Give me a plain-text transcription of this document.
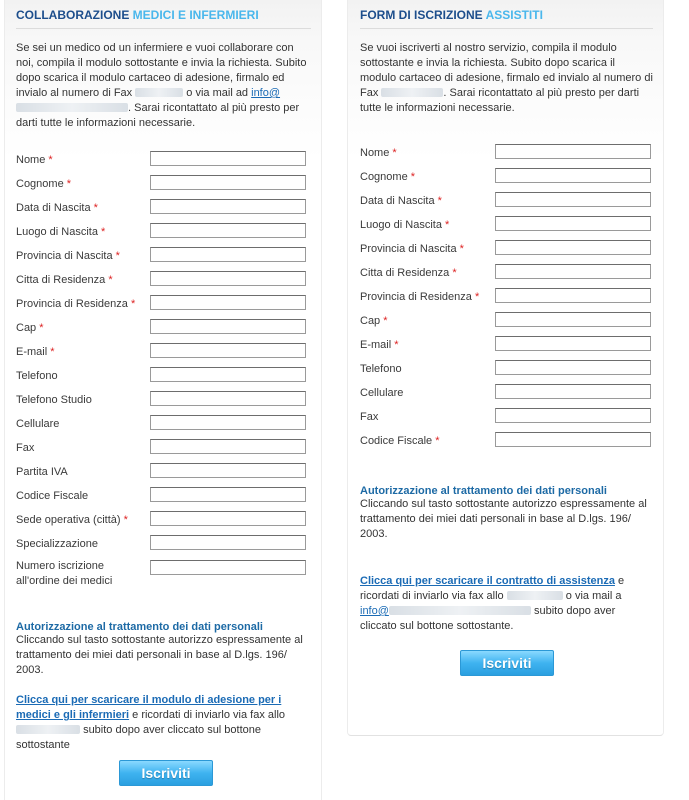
COLLABORAZIONE MEDICI E INFERMIERI

Se sei un medico od un infermiere e vuoi collaborare con noi, compila il modulo sottostante e invia la richiesta. Subito dopo scarica il modulo cartaceo di adesione, firmalo ed invialo al numero di Fax	o via mail ad info@. Sarai ricontattato al più presto per darti tutte le informazioni necessarie.

Nome *
Cognome *
Data di Nascita *
Luogo di Nascita *
Provincia di Nascita *
Citta di Residenza *
Provincia di Residenza *
Cap *
E-mail *
Telefono
Telefono Studio
Cellulare
Fax
Partita IVA
Codice Fiscale
Sede operativa (città) *
Specializzazione
Numero iscrizione
all'ordine dei medici

Autorizzazione al trattamento dei dati personali

Cliccando sul tasto sottostante autorizzo espressamente al trattamento dei miei dati personali in base al D.lgs. 196/ 2003.

Clicca qui per scaricare il modulo di adesione per i medici e gli infermieri e ricordati di inviarlo via fax allo  subito dopo aver cliccato sul bottone sottostante
Iscriviti
FORM DI ISCRIZIONE ASSISTITI

Se vuoi iscriverti al nostro servizio, compila il modulo sottostante e invia la richiesta. Subito dopo scarica il modulo cartaceo di adesione, firmalo ed invialo al numero di Fax	. Sarai ricontattato al più presto per darti tutte le informazioni necessarie.

Nome *
Cognome *
Data di Nascita *
Luogo di Nascita *
Provincia di Nascita *
Citta di Residenza *
Provincia di Residenza *
Cap *
E-mail *
Telefono
Cellulare
Fax
Codice Fiscale *

Autorizzazione al trattamento dei dati personali

Cliccando sul tasto sottostante autorizzo espressamente al trattamento dei miei dati personali in base al D.lgs. 196/ 2003.

Clicca qui per scaricare il contratto di assistenza e ricordati di inviarlo via fax allo	o via mail a
info@	subito dopo aver cliccato sul bottone sottostante.
Iscriviti
